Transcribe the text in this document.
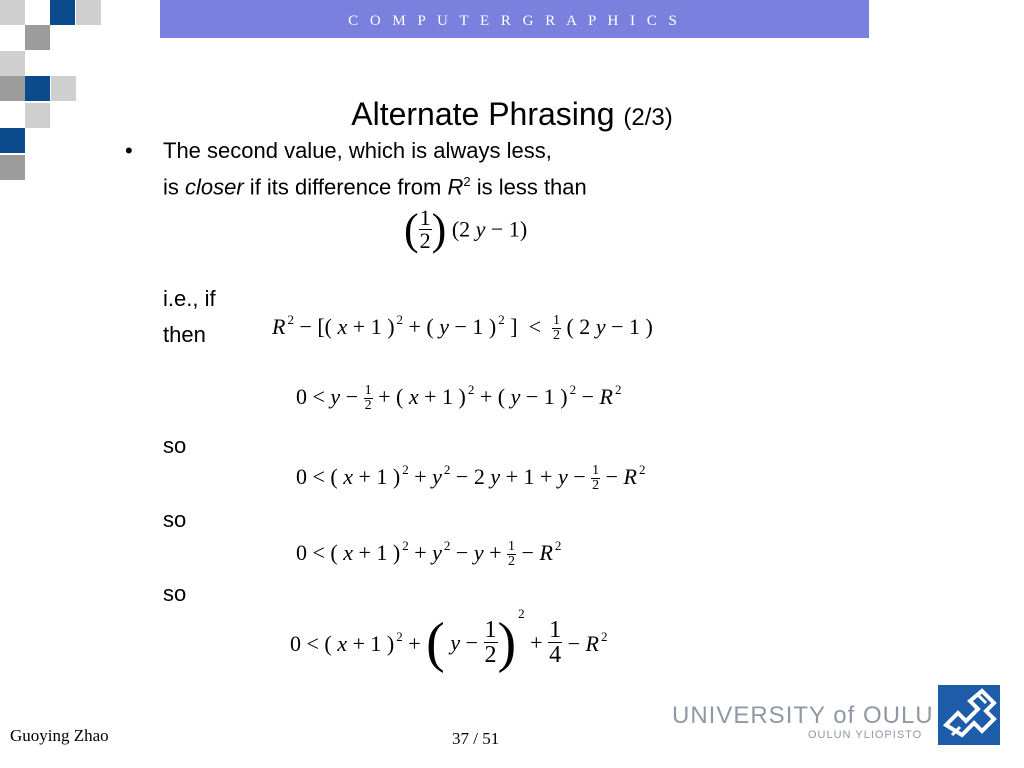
C O M P U T E R G R A P H I C S
Alternate Phrasing (2/3)
• The second value, which is always less,
is closer if its difference from $R^2$ is less than
( $\frac{1}{2}$ ) (2 y − 1)
i.e., if
then	R $^2$ − [( x + 1 ) $^2$ + ( y − 1 ) $^2$ ]  < $\frac{1}{2}$ ( 2 y − 1 )
$0 < y - \frac{1}{2}$ + ( x + 1 ) $^2$ + ( y − 1 ) $^2$ − R $^2$
so
0 < ( x + 1 ) $^2$ + y $^2$ − 2 $y + 1 + y - \frac{1}{2} - R$ $^2$
so
0 < ( x + 1 ) $^2$ + y $^2 - y + \frac{1}{2} - R$ $^2$
so
0 < ( x + 1 ) $^2$ + ( $y - \frac{1}{2}$ ) $^2 + \frac{1}{4} - R$ $^2$
Guoying Zhao	37 / 51
UNIVERSITY of OULU
OULUN YLIOPISTO
